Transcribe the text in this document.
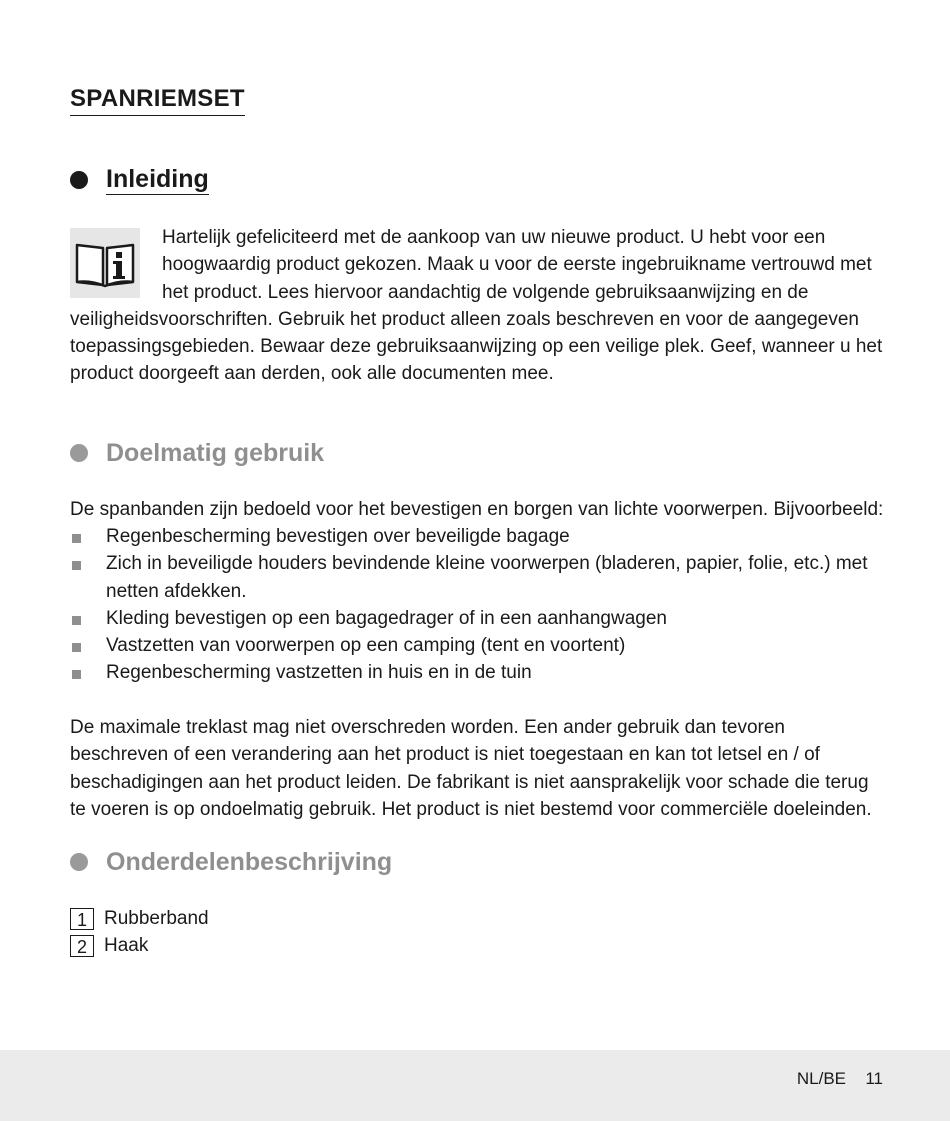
SPANRIEMSET
Inleiding

Hartelijk gefeliciteerd met de aankoop van uw nieuwe product. U hebt voor een hoogwaardig product gekozen. Maak u voor de eerste ingebruikname vertrouwd met het product. Lees hiervoor aandachtig de volgende gebruiksaanwijzing en de veiligheidsvoorschriften. Gebruik het product alleen zoals beschreven en voor de aangegeven toepassingsgebieden. Bewaar deze gebruiksaanwijzing op een veilige plek. Geef, wanneer u het product doorgeeft aan derden, ook alle documenten mee.

Doelmatig gebruik

De spanbanden zijn bedoeld voor het bevestigen en borgen van lichte voorwerpen. Bijvoorbeeld:

Regenbescherming bevestigen over beveiligde bagage
Zich in beveiligde houders bevindende kleine voorwerpen (bladeren, papier, folie, etc.) met netten afdekken.
Kleding bevestigen op een bagagedrager of in een aanhangwagen
Vastzetten van voorwerpen op een camping (tent en voortent)
Regenbescherming vastzetten in huis en in de tuin

De maximale treklast mag niet overschreden worden. Een ander gebruik dan tevoren beschreven of een verandering aan het product is niet toegestaan en kan tot letsel en / of beschadigingen aan het product leiden. De fabrikant is niet aansprakelijk voor schade die terug te voeren is op ondoelmatig gebruik. Het product is niet bestemd voor commerciële doeleinden.

Onderdelenbeschrijving
1 Rubberband
2 Haak
NL/BE 11
